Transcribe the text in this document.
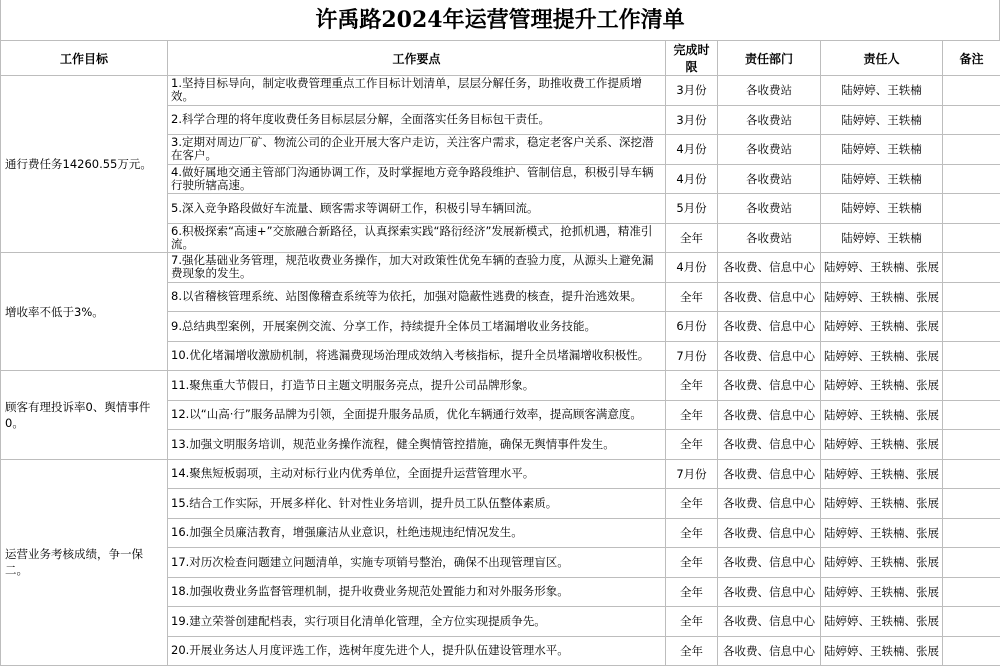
许禹路2024年运营管理提升工作清单
工作目标	工作要点	完成时限	责任部门	责任人	备注
通行费任务14260.55万元。	1.坚持目标导向，制定收费管理重点工作目标计划清单，层层分解任务，助推收费工作提质增效。	3月份	各收费站	陆婷婷、王轶楠	
	2.科学合理的将年度收费任务目标层层分解，全面落实任务目标包干责任。	3月份	各收费站	陆婷婷、王轶楠	
	3.定期对周边厂矿、物流公司的企业开展大客户走访，关注客户需求，稳定老客户关系、深挖潜在客户。	4月份	各收费站	陆婷婷、王轶楠	
	4.做好属地交通主管部门沟通协调工作，及时掌握地方竞争路段维护、管制信息，积极引导车辆行驶所辖高速。	4月份	各收费站	陆婷婷、王轶楠	
	5.深入竞争路段做好车流量、顾客需求等调研工作，积极引导车辆回流。	5月份	各收费站	陆婷婷、王轶楠	
	6.积极探索“高速+”交旅融合新路径，认真探索实践“路衍经济”发展新模式，抢抓机遇，精准引流。	全年	各收费站	陆婷婷、王轶楠	
增收率不低于3%。	7.强化基础业务管理，规范收费业务操作，加大对政策性优免车辆的查验力度，从源头上避免漏费现象的发生。	4月份	各收费、信息中心	陆婷婷、王轶楠、张展	
	8.以省稽核管理系统、站图像稽查系统等为依托，加强对隐蔽性逃费的核查，提升治逃效果。	全年	各收费、信息中心	陆婷婷、王轶楠、张展	
	9.总结典型案例，开展案例交流、分享工作，持续提升全体员工堵漏增收业务技能。	6月份	各收费、信息中心	陆婷婷、王轶楠、张展	
	10.优化堵漏增收激励机制，将逃漏费现场治理成效纳入考核指标，提升全员堵漏增收积极性。	7月份	各收费、信息中心	陆婷婷、王轶楠、张展	
顾客有理投诉率0、舆情事件0。	11.聚焦重大节假日，打造节日主题文明服务亮点，提升公司品牌形象。	全年	各收费、信息中心	陆婷婷、王轶楠、张展	
	12.以“山高·行”服务品牌为引领，全面提升服务品质，优化车辆通行效率，提高顾客满意度。	全年	各收费、信息中心	陆婷婷、王轶楠、张展	
	13.加强文明服务培训，规范业务操作流程，健全舆情管控措施，确保无舆情事件发生。	全年	各收费、信息中心	陆婷婷、王轶楠、张展	
运营业务考核成绩，争一保二。	14.聚焦短板弱项，主动对标行业内优秀单位，全面提升运营管理水平。	7月份	各收费、信息中心	陆婷婷、王轶楠、张展	
	15.结合工作实际，开展多样化、针对性业务培训，提升员工队伍整体素质。	全年	各收费、信息中心	陆婷婷、王轶楠、张展	
	16.加强全员廉洁教育，增强廉洁从业意识，杜绝违规违纪情况发生。	全年	各收费、信息中心	陆婷婷、王轶楠、张展	
	17.对历次检查问题建立问题清单，实施专项销号整治，确保不出现管理盲区。	全年	各收费、信息中心	陆婷婷、王轶楠、张展	
	18.加强收费业务监督管理机制，提升收费业务规范处置能力和对外服务形象。	全年	各收费、信息中心	陆婷婷、王轶楠、张展	
	19.建立荣誉创建配档表，实行项目化清单化管理，全方位实现提质争先。	全年	各收费、信息中心	陆婷婷、王轶楠、张展	
	20.开展业务达人月度评选工作，选树年度先进个人，提升队伍建设管理水平。	全年	各收费、信息中心	陆婷婷、王轶楠、张展	
